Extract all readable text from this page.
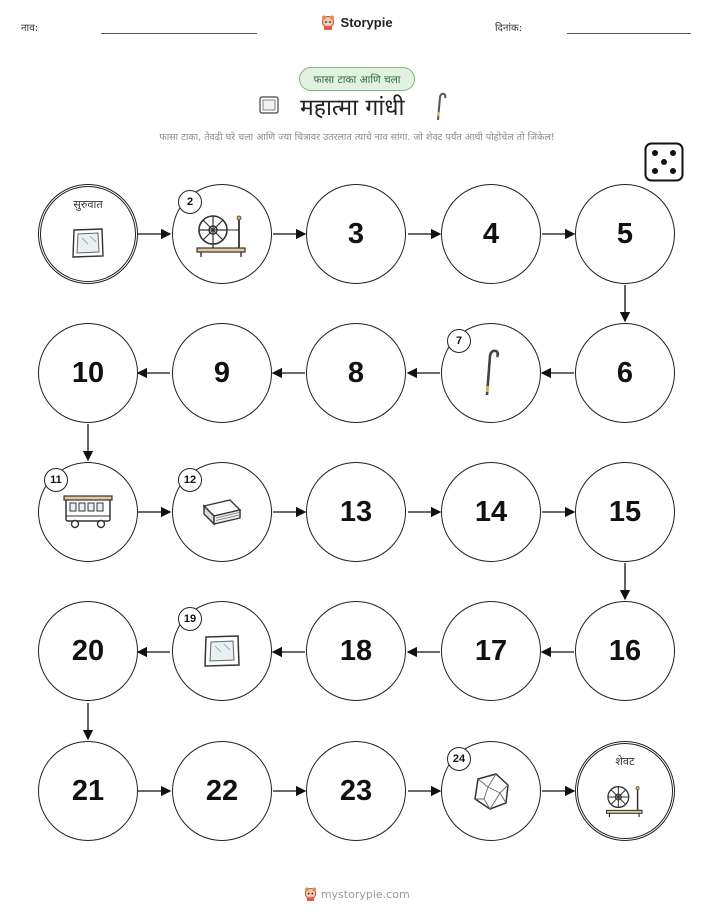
नाव:	दिनांक:
Storypie
फासा टाका आणि चला
महात्मा गांधी
फासा टाका, तेवढी घरे चला आणि ज्या चित्रावर उतरलात त्याचे नाव सांगा. जो शेवट पर्यंत आधी पोहोचेल तो जिंकेल!
सुरुवात	2
3	4	5
6
7
8
9
10
11	12
13	14	15
16
17
18
19
20
21	22	23
24	शेवट
mystorypie.com
